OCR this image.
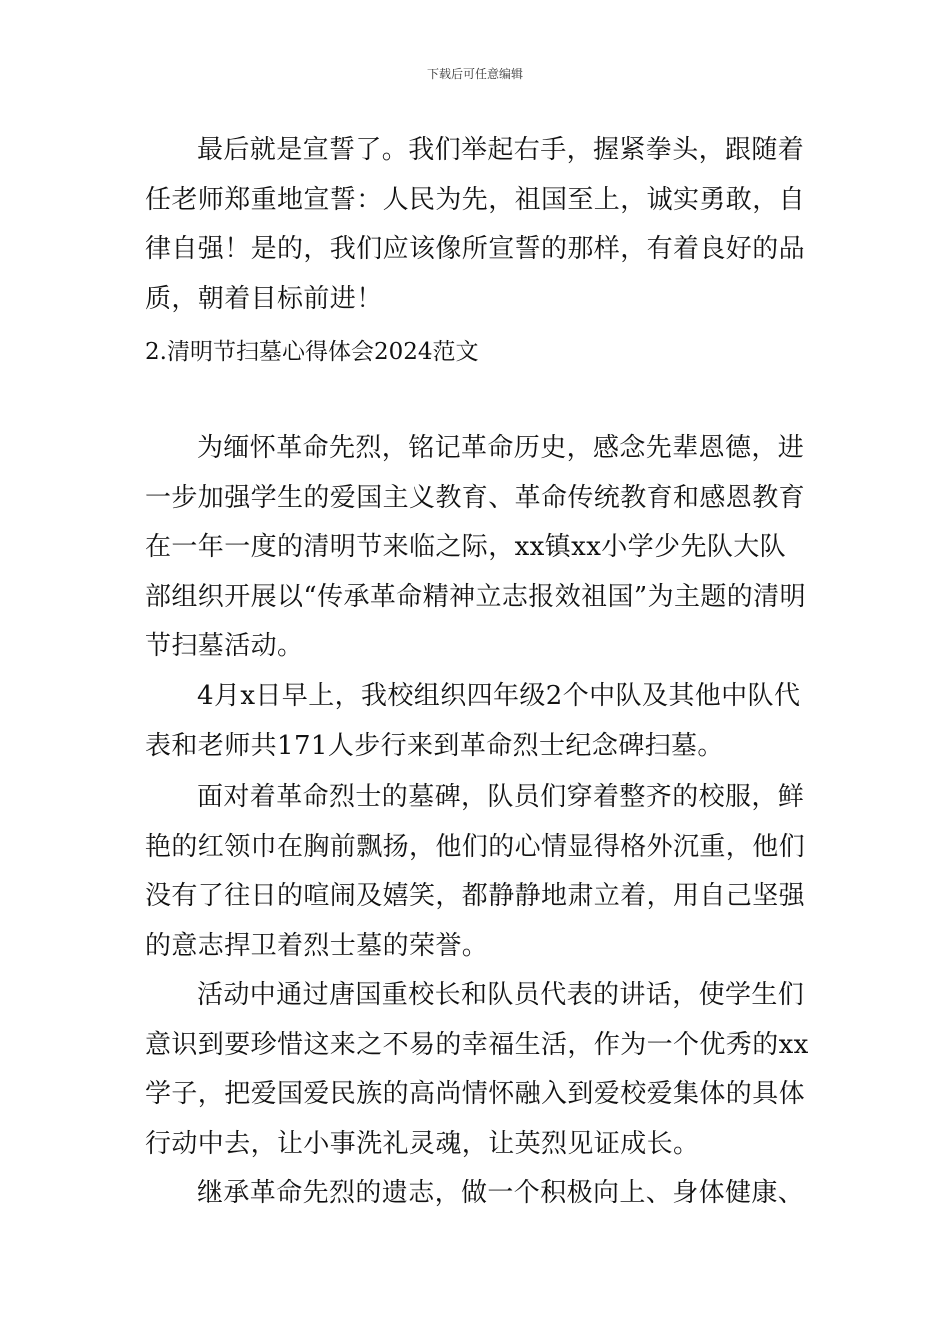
下载后可任意编辑

最后就是宣誓了。我们举起右手，握紧拳头，跟随着任老师郑重地宣誓：人民为先，祖国至上，诚实勇敢，自律自强！是的，我们应该像所宣誓的那样，有着良好的品质，朝着目标前进！

2.清明节扫墓心得体会2024范文

为缅怀革命先烈，铭记革命历史，感念先辈恩德，进一步加强学生的爱国主义教育、革命传统教育和感恩教育在一年一度的清明节来临之际，xx镇xx小学少先队大队部组织开展以“传承革命精神立志报效祖国”为主题的清明节扫墓活动。

4月x日早上，我校组织四年级2个中队及其他中队代表和老师共171人步行来到革命烈士纪念碑扫墓。

面对着革命烈士的墓碑，队员们穿着整齐的校服，鲜艳的红领巾在胸前飘扬，他们的心情显得格外沉重，他们没有了往日的喧闹及嬉笑，都静静地肃立着，用自己坚强的意志捍卫着烈士墓的荣誉。

活动中通过唐国重校长和队员代表的讲话，使学生们意识到要珍惜这来之不易的幸福生活，作为一个优秀的xx学子，把爱国爱民族的高尚情怀融入到爱校爱集体的具体行动中去，让小事洗礼灵魂，让英烈见证成长。

继承革命先烈的遗志，做一个积极向上、身体健康、
